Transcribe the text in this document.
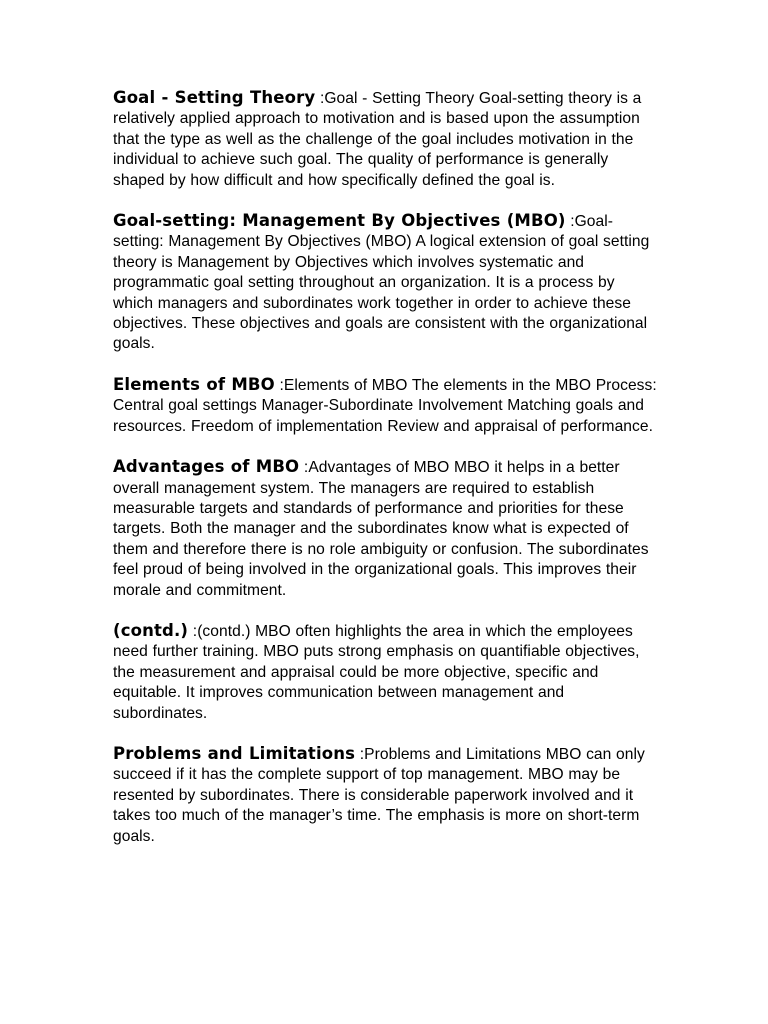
Goal - Setting Theory :Goal - Setting Theory Goal-setting theory is a relatively applied approach to motivation and is based upon the assumption that the type as well as the challenge of the goal includes motivation in the individual to achieve such goal. The quality of performance is generally shaped by how difficult and how specifically defined the goal is.

Goal-setting: Management By Objectives (MBO) :Goal-setting: Management By Objectives (MBO) A logical extension of goal setting theory is Management by Objectives which involves systematic and programmatic goal setting throughout an organization. It is a process by which managers and subordinates work together in order to achieve these objectives. These objectives and goals are consistent with the organizational goals.

Elements of MBO :Elements of MBO The elements in the MBO Process: Central goal settings Manager-Subordinate Involvement Matching goals and resources. Freedom of implementation Review and appraisal of performance.

Advantages of MBO :Advantages of MBO MBO it helps in a better overall management system. The managers are required to establish measurable targets and standards of performance and priorities for these targets. Both the manager and the subordinates know what is expected of them and therefore there is no role ambiguity or confusion. The subordinates feel proud of being involved in the organizational goals. This improves their morale and commitment.

(contd.) :(contd.) MBO often highlights the area in which the employees need further training. MBO puts strong emphasis on quantifiable objectives, the measurement and appraisal could be more objective, specific and equitable. It improves communication between management and subordinates.

Problems and Limitations :Problems and Limitations MBO can only succeed if it has the complete support of top management. MBO may be resented by subordinates. There is considerable paperwork involved and it takes too much of the manager’s time. The emphasis is more on short-term goals.
